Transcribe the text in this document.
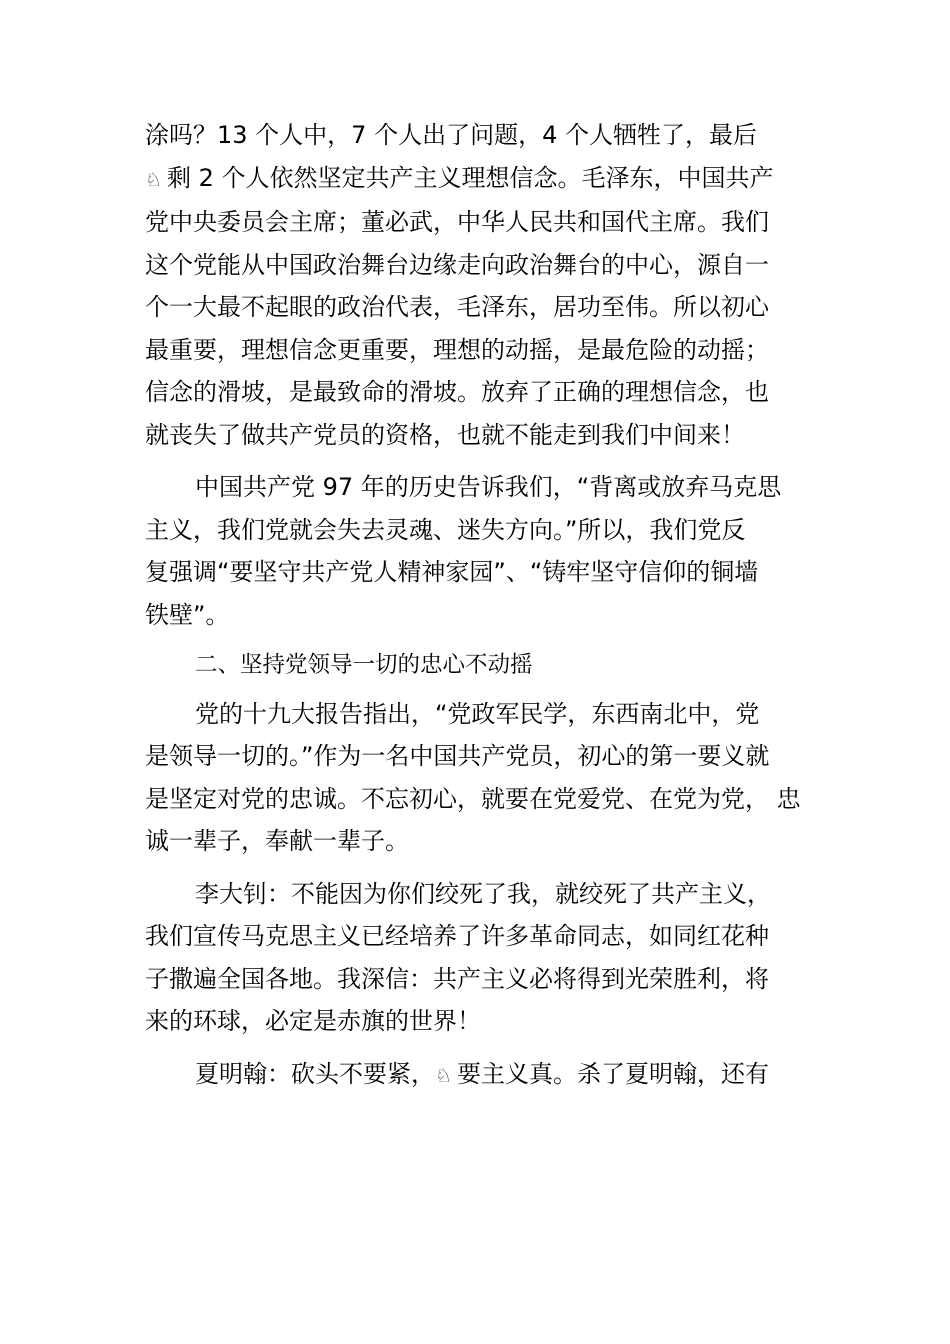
涂吗？13 个人中，7 个人出了问题，4 个人牺牲了，最后
♘ 剩 2 个人依然坚定共产主义理想信念。毛泽东，中国共产
党中央委员会主席；董必武，中华人民共和国代主席。我们
这个党能从中国政治舞台边缘走向政治舞台的中心，源自一
个一大最不起眼的政治代表，毛泽东，居功至伟。所以初心
最重要，理想信念更重要，理想的动摇，是最危险的动摇；
信念的滑坡，是最致命的滑坡。放弃了正确的理想信念，也
就丧失了做共产党员的资格，也就不能走到我们中间来！

中国共产党 97 年的历史告诉我们，“背离或放弃马克思
主义，我们党就会失去灵魂、迷失方向。”所以，我们党反
复强调“要坚守共产党人精神家园”、“铸牢坚守信仰的铜墙
铁壁”。

二、坚持党领导一切的忠心不动摇

党的十九大报告指出，“党政军民学，东西南北中，党
是领导一切的。”作为一名中国共产党员，初心的第一要义就
是坚定对党的忠诚。不忘初心，就要在党爱党、在党为党， 忠
诚一辈子，奉献一辈子。

李大钊：不能因为你们绞死了我，就绞死了共产主义，
我们宣传马克思主义已经培养了许多革命同志，如同红花种
子撒遍全国各地。我深信：共产主义必将得到光荣胜利，将
来的环球，必定是赤旗的世界！

夏明翰：砍头不要紧，♘ 要主义真。杀了夏明翰，还有
